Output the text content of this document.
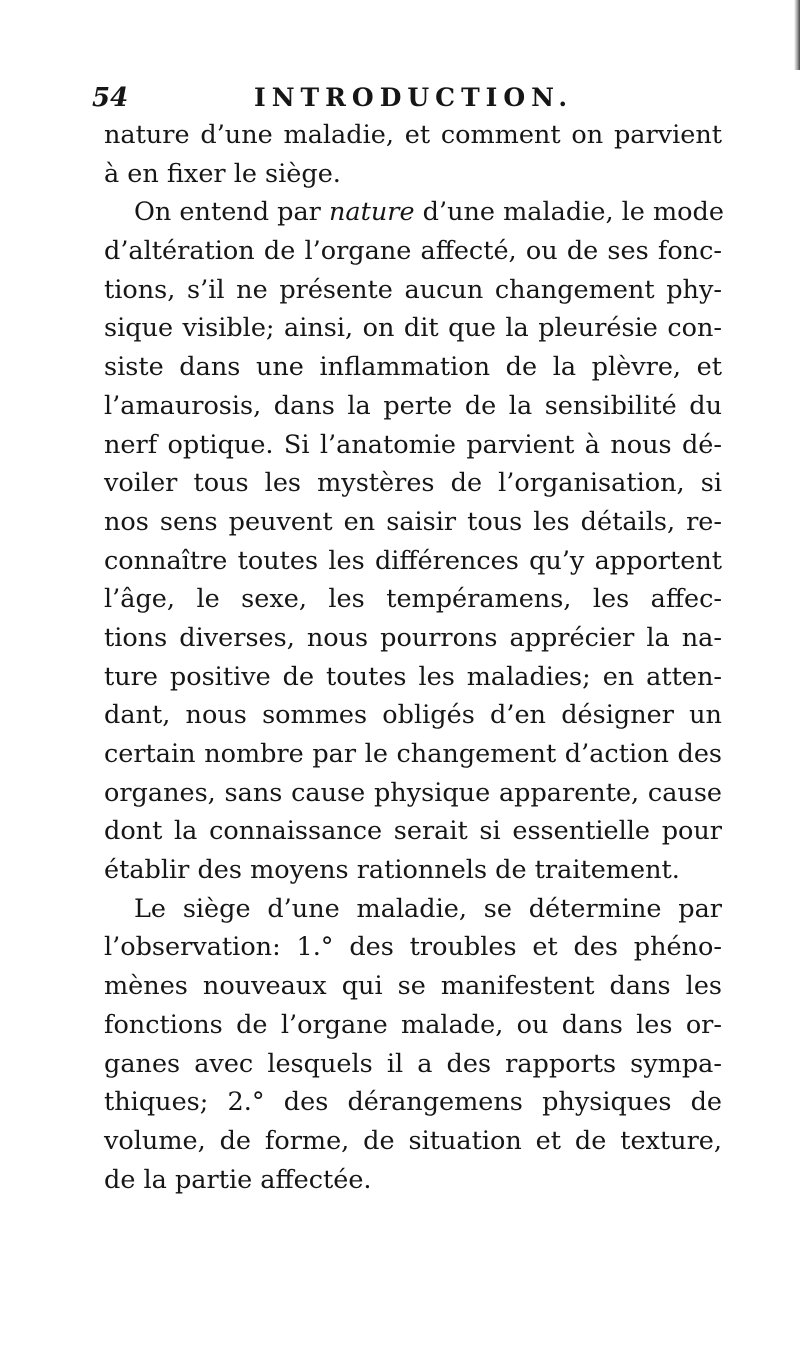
54	INTRODUCTION.
nature d’une maladie, et comment on parvient
à en fixer le siège.
On entend par nature d’une maladie, le mode
d’altération de l’organe affecté, ou de ses fonc-
tions, s’il ne présente aucun changement phy-
sique visible; ainsi, on dit que la pleurésie con-
siste dans une inflammation de la plèvre, et
l’amaurosis, dans la perte de la sensibilité du
nerf optique. Si l’anatomie parvient à nous dé-
voiler tous les mystères de l’organisation, si
nos sens peuvent en saisir tous les détails, re-
connaître toutes les différences qu’y apportent
l’âge, le sexe, les tempéramens, les affec-
tions diverses, nous pourrons apprécier la na-
ture positive de toutes les maladies; en atten-
dant, nous sommes obligés d’en désigner un
certain nombre par le changement d’action des
organes, sans cause physique apparente, cause
dont la connaissance serait si essentielle pour
établir des moyens rationnels de traitement.
Le siège d’une maladie, se détermine par
l’observation: 1.° des troubles et des phéno-
mènes nouveaux qui se manifestent dans les
fonctions de l’organe malade, ou dans les or-
ganes avec lesquels il a des rapports sympa-
thiques; 2.° des dérangemens physiques de
volume, de forme, de situation et de texture,
de la partie affectée.
